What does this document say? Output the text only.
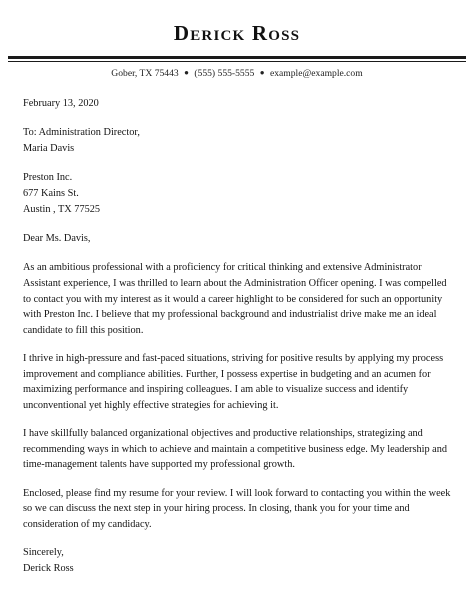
Derick Ross
Gober, TX 75443 ● (555) 555-5555 ● example@example.com
February 13, 2020
To: Administration Director,
Maria Davis
Preston Inc.
677 Kains St.
Austin , TX 77525
Dear Ms. Davis,
As an ambitious professional with a proficiency for critical thinking and extensive Administrator
Assistant experience, I was thrilled to learn about the Administration Officer opening. I was compelled
to contact you with my interest as it would a career highlight to be considered for such an opportunity
with Preston Inc. I believe that my professional background and industrialist drive make me an ideal
candidate to fill this position.
I thrive in high-pressure and fast-paced situations, striving for positive results by applying my process
improvement and compliance abilities. Further, I possess expertise in budgeting and an acumen for
maximizing performance and inspiring colleagues. I am able to visualize success and identify
unconventional yet highly effective strategies for achieving it.
I have skillfully balanced organizational objectives and productive relationships, strategizing and
recommending ways in which to achieve and maintain a competitive business edge. My leadership and
time-management talents have supported my professional growth.
Enclosed, please find my resume for your review. I will look forward to contacting you within the week
so we can discuss the next step in your hiring process. In closing, thank you for your time and
consideration of my candidacy.
Sincerely,
Derick Ross
